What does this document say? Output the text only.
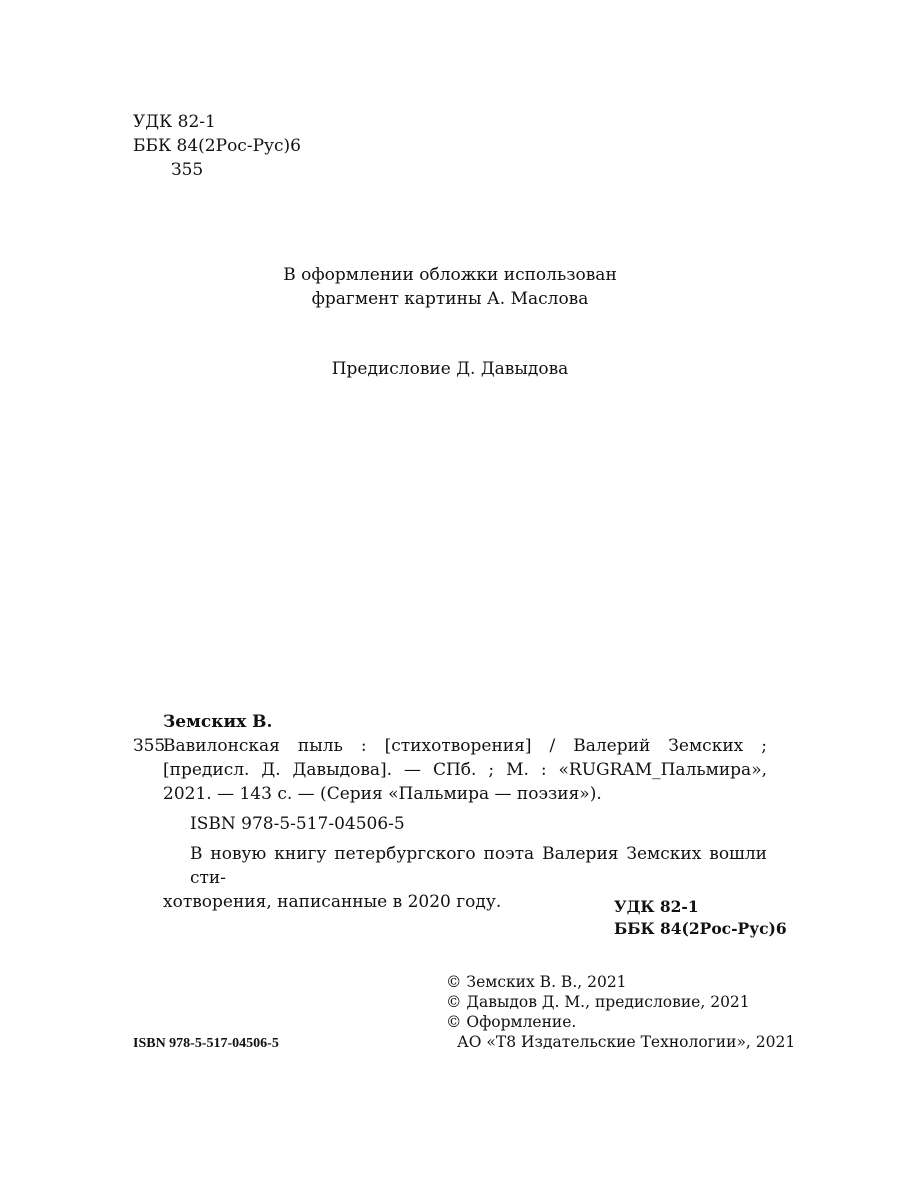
УДК 82-1
ББК 84(2Рос-Рус)6
З55
В оформлении обложки использован
фрагмент картины А. Маслова
Предисловие Д. Давыдова
Земских В.
З55
Вавилонская пыль : [стихотворения] / Валерий Земских ;
[предисл. Д. Давыдова]. — СПб. ; М. : «RUGRAM_Пальмира»,
2021. — 143 с. — (Серия «Пальмира — поэзия»).
ISBN 978-5-517-04506-5
В новую книгу петербургского поэта Валерия Земских вошли сти-
хотворения, написанные в 2020 году.	УДК 82-1
ББК 84(2Рос-Рус)6
© Земских В. В., 2021
© Давыдов Д. М., предисловие, 2021
© Оформление.
АО «Т8 Издательские Технологии», 2021
ISBN 978-5-517-04506-5
